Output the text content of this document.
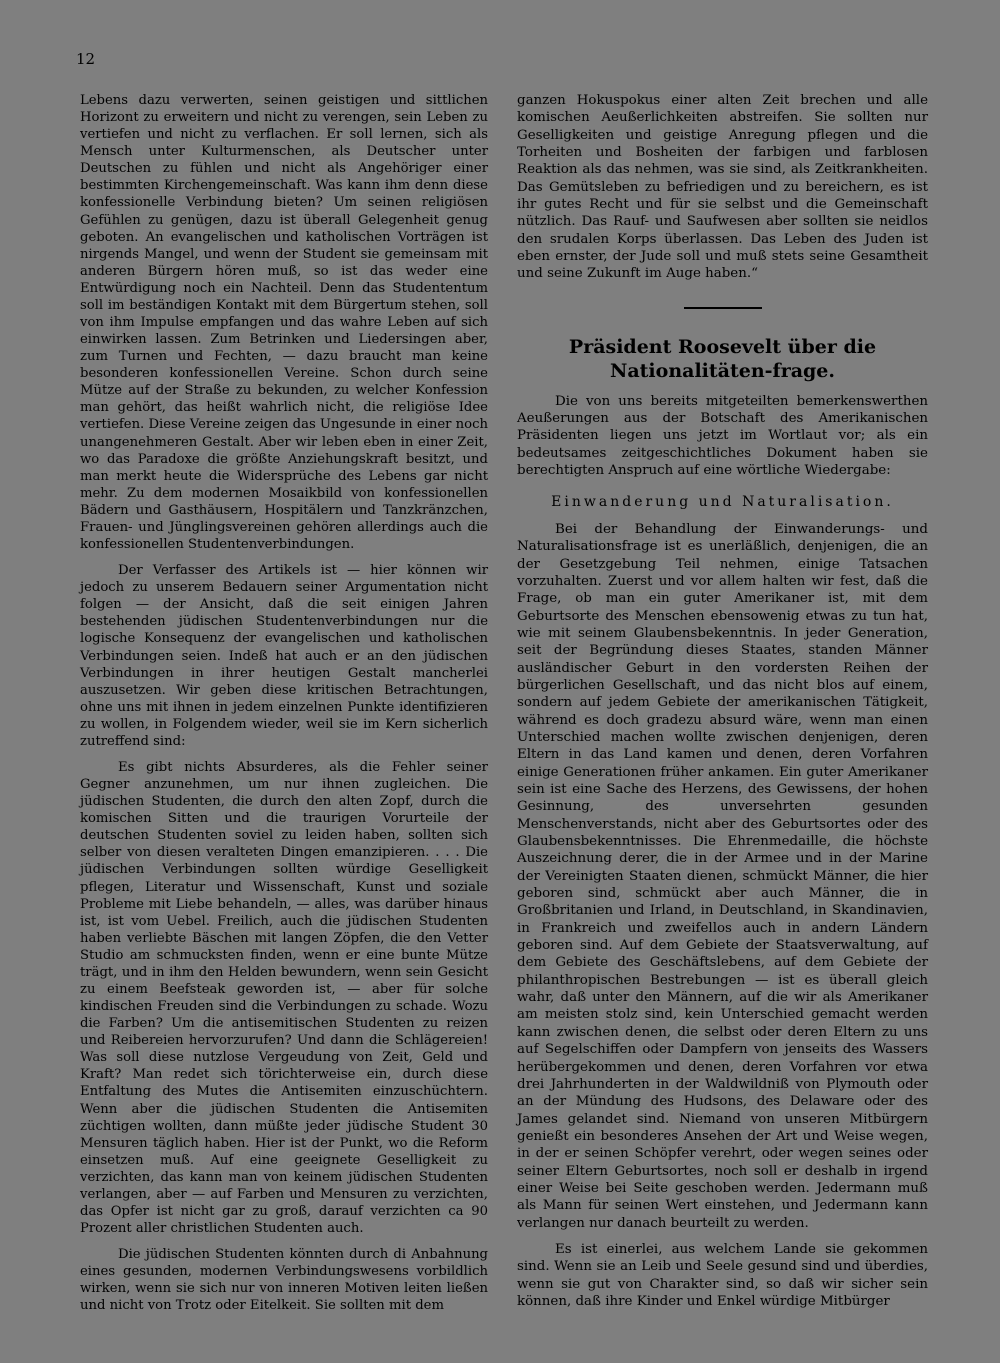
12

Lebens dazu verwerten, seinen geistigen und sittlichen Horizont zu erweitern und nicht zu verengen, sein Leben zu vertiefen und nicht zu verflachen. Er soll lernen, sich als Mensch unter Kulturmenschen, als Deutscher unter Deutschen zu fühlen und nicht als Angehöriger einer bestimmten Kirchengemeinschaft. Was kann ihm denn diese konfessionelle Verbindung bieten? Um seinen religiösen Gefühlen zu genügen, dazu ist überall Gelegenheit genug geboten. An evangelischen und katholischen Vorträgen ist nirgends Mangel, und wenn der Student sie gemeinsam mit anderen Bürgern hören muß, so ist das weder eine Entwürdigung noch ein Nachteil. Denn das Studententum soll im beständigen Kontakt mit dem Bürgertum stehen, soll von ihm Impulse empfangen und das wahre Leben auf sich einwirken lassen. Zum Betrinken und Liedersingen aber, zum Turnen und Fechten, — dazu braucht man keine besonderen konfessionellen Vereine. Schon durch seine Mütze auf der Straße zu bekunden, zu welcher Konfession man gehört, das heißt wahrlich nicht, die religiöse Idee vertiefen. Diese Vereine zeigen das Ungesunde in einer noch unangenehmeren Gestalt. Aber wir leben eben in einer Zeit, wo das Paradoxe die größte Anziehungskraft besitzt, und man merkt heute die Widersprüche des Lebens gar nicht mehr. Zu dem modernen Mosaikbild von konfessionellen Bädern und Gasthäusern, Hospitälern und Tanzkränzchen, Frauen- und Jünglingsvereinen gehören allerdings auch die konfessionellen Studentenverbindungen.

Der Verfasser des Artikels ist — hier können wir jedoch zu unserem Bedauern seiner Argumentation nicht folgen — der Ansicht, daß die seit einigen Jahren bestehenden jüdischen Studentenverbindungen nur die logische Konsequenz der evangelischen und katholischen Verbindungen seien. Indeß hat auch er an den jüdischen Verbindungen in ihrer heutigen Gestalt mancherlei auszusetzen. Wir geben diese kritischen Betrachtungen, ohne uns mit ihnen in jedem einzelnen Punkte identifizieren zu wollen, in Folgendem wieder, weil sie im Kern sicherlich zutreffend sind:

Es gibt nichts Absurderes, als die Fehler seiner Gegner anzunehmen, um nur ihnen zugleichen. Die jüdischen Studenten, die durch den alten Zopf, durch die komischen Sitten und die traurigen Vorurteile der deutschen Studenten soviel zu leiden haben, sollten sich selber von diesen veralteten Dingen emanzipieren. . . . Die jüdischen Verbindungen sollten würdige Geselligkeit pflegen, Literatur und Wissenschaft, Kunst und soziale Probleme mit Liebe behandeln, — alles, was darüber hinaus ist, ist vom Uebel. Freilich, auch die jüdischen Studenten haben verliebte Bäschen mit langen Zöpfen, die den Vetter Studio am schmucksten finden, wenn er eine bunte Mütze trägt, und in ihm den Helden bewundern, wenn sein Gesicht zu einem Beefsteak geworden ist, — aber für solche kindischen Freuden sind die Verbindungen zu schade. Wozu die Farben? Um die antisemitischen Studenten zu reizen und Reibereien hervorzurufen? Und dann die Schlägereien! Was soll diese nutzlose Vergeudung von Zeit, Geld und Kraft? Man redet sich törichterweise ein, durch diese Entfaltung des Mutes die Antisemiten einzuschüchtern. Wenn aber die jüdischen Studenten die Antisemiten züchtigen wollten, dann müßte jeder jüdische Student 30 Mensuren täglich haben. Hier ist der Punkt, wo die Reform einsetzen muß. Auf eine geeignete Geselligkeit zu verzichten, das kann man von keinem jüdischen Studenten verlangen, aber — auf Farben und Mensuren zu verzichten, das Opfer ist nicht gar zu groß, darauf verzichten ca 90 Prozent aller christlichen Studenten auch.

Die jüdischen Studenten könnten durch di Anbahnung eines gesunden, modernen Verbindungswesens vorbildlich wirken, wenn sie sich nur von inneren Motiven leiten ließen und nicht von Trotz oder Eitelkeit. Sie sollten mit dem

ganzen Hokuspokus einer alten Zeit brechen und alle komischen Aeußerlichkeiten abstreifen. Sie sollten nur Geselligkeiten und geistige Anregung pflegen und die Torheiten und Bosheiten der farbigen und farblosen Reaktion als das nehmen, was sie sind, als Zeitkrankheiten. Das Gemütsleben zu befriedigen und zu bereichern, es ist ihr gutes Recht und für sie selbst und die Gemeinschaft nützlich. Das Rauf- und Saufwesen aber sollten sie neidlos den srudalen Korps überlassen. Das Leben des Juden ist eben ernster, der Jude soll und muß stets seine Gesamtheit und seine Zukunft im Auge haben.“

Präsident Roosevelt über die Nationalitäten-frage.

Die von uns bereits mitgeteilten bemerkenswerthen Aeußerungen aus der Botschaft des Amerikanischen Präsidenten liegen uns jetzt im Wortlaut vor; als ein bedeutsames zeitgeschichtliches Dokument haben sie berechtigten Anspruch auf eine wörtliche Wiedergabe:

Einwanderung und Naturalisation.

Bei der Behandlung der Einwanderungs- und Naturalisationsfrage ist es unerläßlich, denjenigen, die an der Gesetzgebung Teil nehmen, einige Tatsachen vorzuhalten. Zuerst und vor allem halten wir fest, daß die Frage, ob man ein guter Amerikaner ist, mit dem Geburtsorte des Menschen ebensowenig etwas zu tun hat, wie mit seinem Glaubensbekenntnis. In jeder Generation, seit der Begründung dieses Staates, standen Männer ausländischer Geburt in den vordersten Reihen der bürgerlichen Gesellschaft, und das nicht blos auf einem, sondern auf jedem Gebiete der amerikanischen Tätigkeit, während es doch gradezu absurd wäre, wenn man einen Unterschied machen wollte zwischen denjenigen, deren Eltern in das Land kamen und denen, deren Vorfahren einige Generationen früher ankamen. Ein guter Amerikaner sein ist eine Sache des Herzens, des Gewissens, der hohen Gesinnung, des unversehrten gesunden Menschenverstands, nicht aber des Geburtsortes oder des Glaubensbekenntnisses. Die Ehrenmedaille, die höchste Auszeichnung derer, die in der Armee und in der Marine der Vereinigten Staaten dienen, schmückt Männer, die hier geboren sind, schmückt aber auch Männer, die in Großbritanien und Irland, in Deutschland, in Skandinavien, in Frankreich und zweifellos auch in andern Ländern geboren sind. Auf dem Gebiete der Staatsverwaltung, auf dem Gebiete des Geschäftslebens, auf dem Gebiete der philanthropischen Bestrebungen — ist es überall gleich wahr, daß unter den Männern, auf die wir als Amerikaner am meisten stolz sind, kein Unterschied gemacht werden kann zwischen denen, die selbst oder deren Eltern zu uns auf Segelschiffen oder Dampfern von jenseits des Wassers herübergekommen und denen, deren Vorfahren vor etwa drei Jahrhunderten in der Waldwildniß von Plymouth oder an der Mündung des Hudsons, des Delaware oder des James gelandet sind. Niemand von unseren Mitbürgern genießt ein besonderes Ansehen der Art und Weise wegen, in der er seinen Schöpfer verehrt, oder wegen seines oder seiner Eltern Geburtsortes, noch soll er deshalb in irgend einer Weise bei Seite geschoben werden. Jedermann muß als Mann für seinen Wert einstehen, und Jedermann kann verlangen nur danach beurteilt zu werden.

Es ist einerlei, aus welchem Lande sie gekommen sind. Wenn sie an Leib und Seele gesund sind und überdies, wenn sie gut von Charakter sind, so daß wir sicher sein können, daß ihre Kinder und Enkel würdige Mitbürger
